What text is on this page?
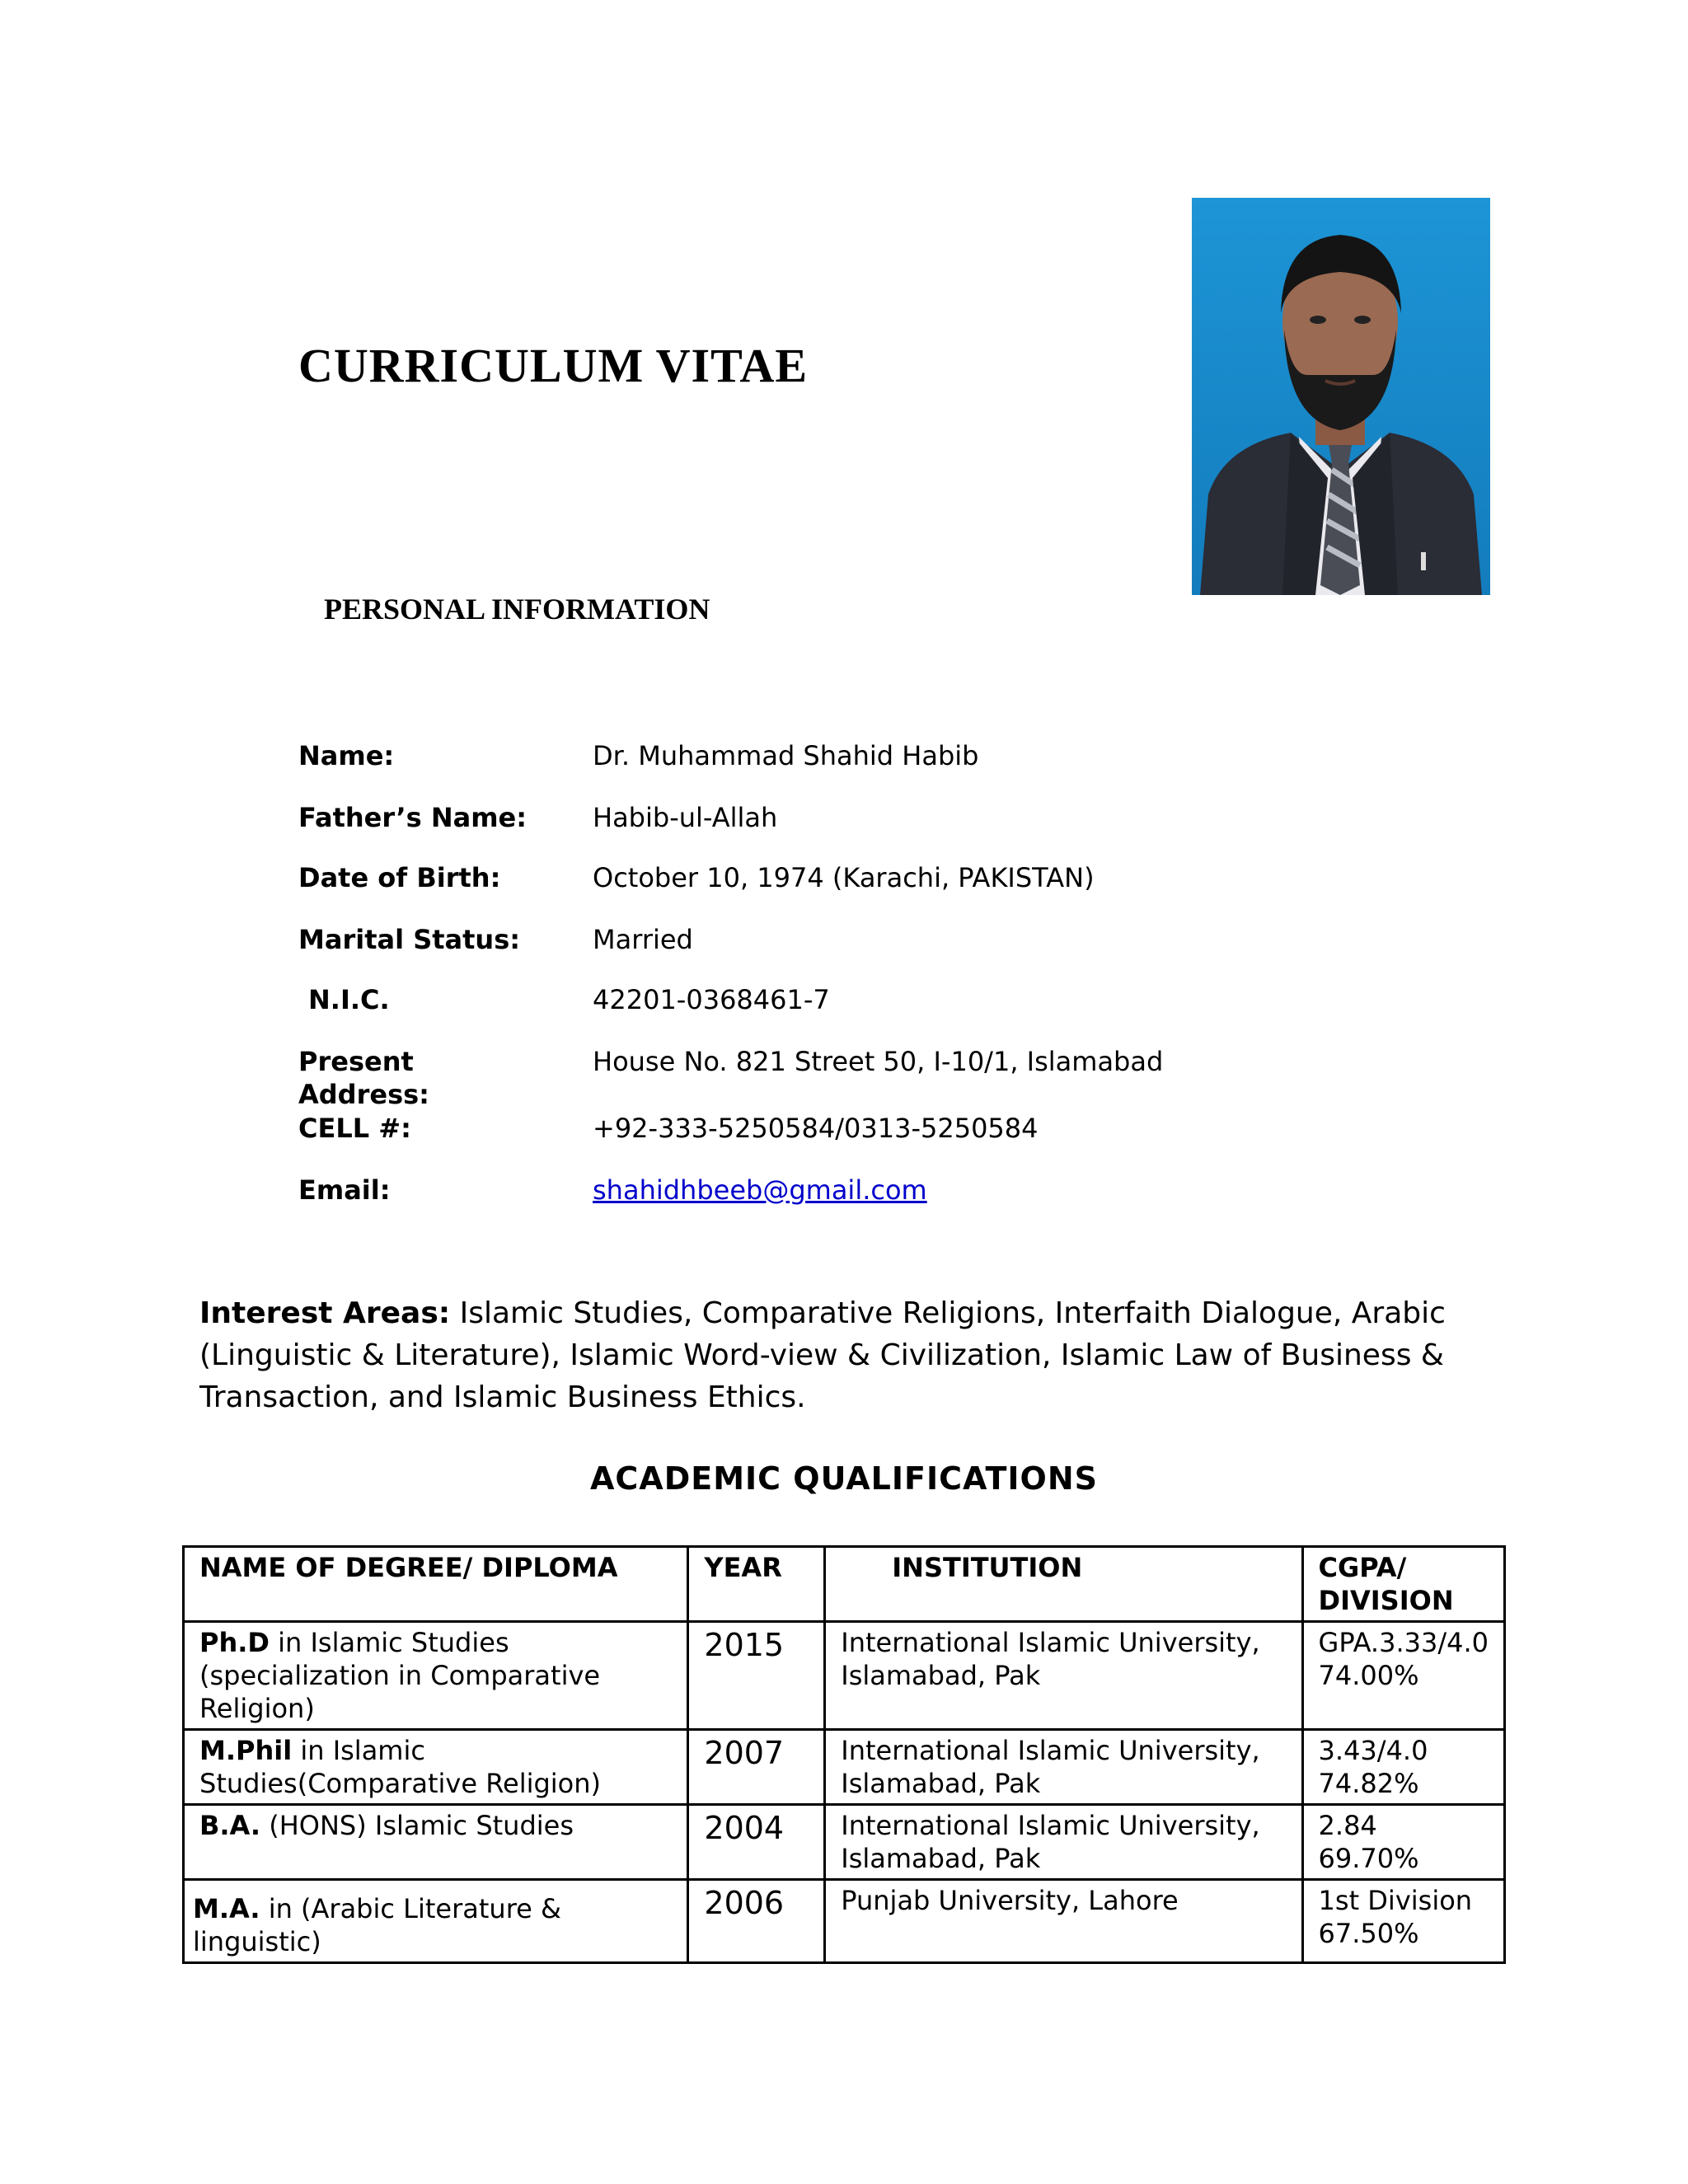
CURRICULUM VITAE
PERSONAL INFORMATION
Name:	Dr. Muhammad Shahid Habib
Father’s Name: Habib-ul-Allah
Date of Birth:	October 10, 1974 (Karachi, PAKISTAN)
Marital Status:	Married
N.I.C.	42201-0368461-7
Present
Address:
House No. 821 Street 50, I-10/1, Islamabad
CELL #:	+92-333-5250584/0313-5250584
Email:	shahidhbeeb@gmail.com
Interest Areas: Islamic Studies, Comparative Religions, Interfaith Dialogue, Arabic (Linguistic & Literature), Islamic Word-view & Civilization, Islamic Law of Business & Transaction, and Islamic Business Ethics.
ACADEMIC QUALIFICATIONS
NAME OF DEGREE/ DIPLOMA	YEAR	INSTITUTION	CGPA/ DIVISION
Ph.D in Islamic Studies (specialization in Comparative Religion)	2015	International Islamic University, Islamabad, Pak	GPA.3.33/4.0
74.00%

M.Phil in Islamic Studies(Comparative Religion)	2007	International Islamic University, Islamabad, Pak	3.43/4.0
74.82%

B.A. (HONS) Islamic Studies	2004	International Islamic University, Islamabad, Pak	2.84
69.70%

M.A. in (Arabic Literature & linguistic)	2006	Punjab University, Lahore	1st Division
67.50%
